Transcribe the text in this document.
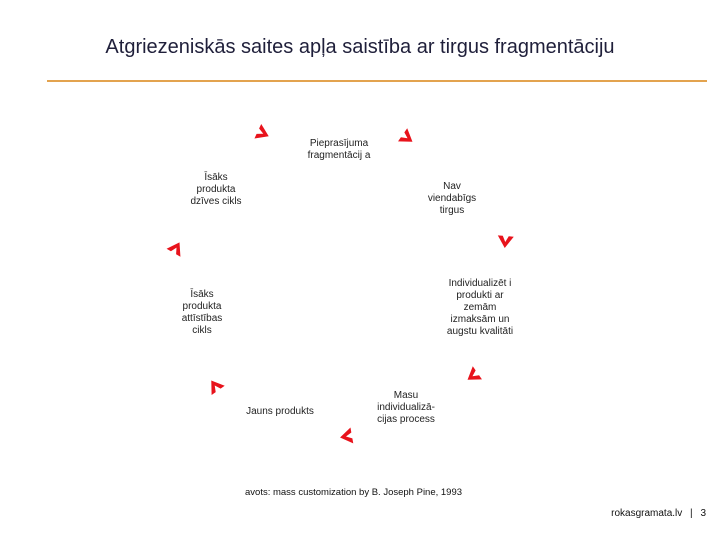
Atgriezeniskās saites apļa saistība ar tirgus fragmentāciju
Pieprasījuma fragmentācij a
Nav viendabīgs tirgus
Individualizēt i produkti ar zemām izmaksām un augstu kvalitāti
Masu individualizā- cijas process
Jauns produkts
Īsāks produkta attīstības cikls
Īsāks produkta dzīves cikls
avots: mass customization by B. Joseph Pine, 1993
rokasgramata.lv | 3
